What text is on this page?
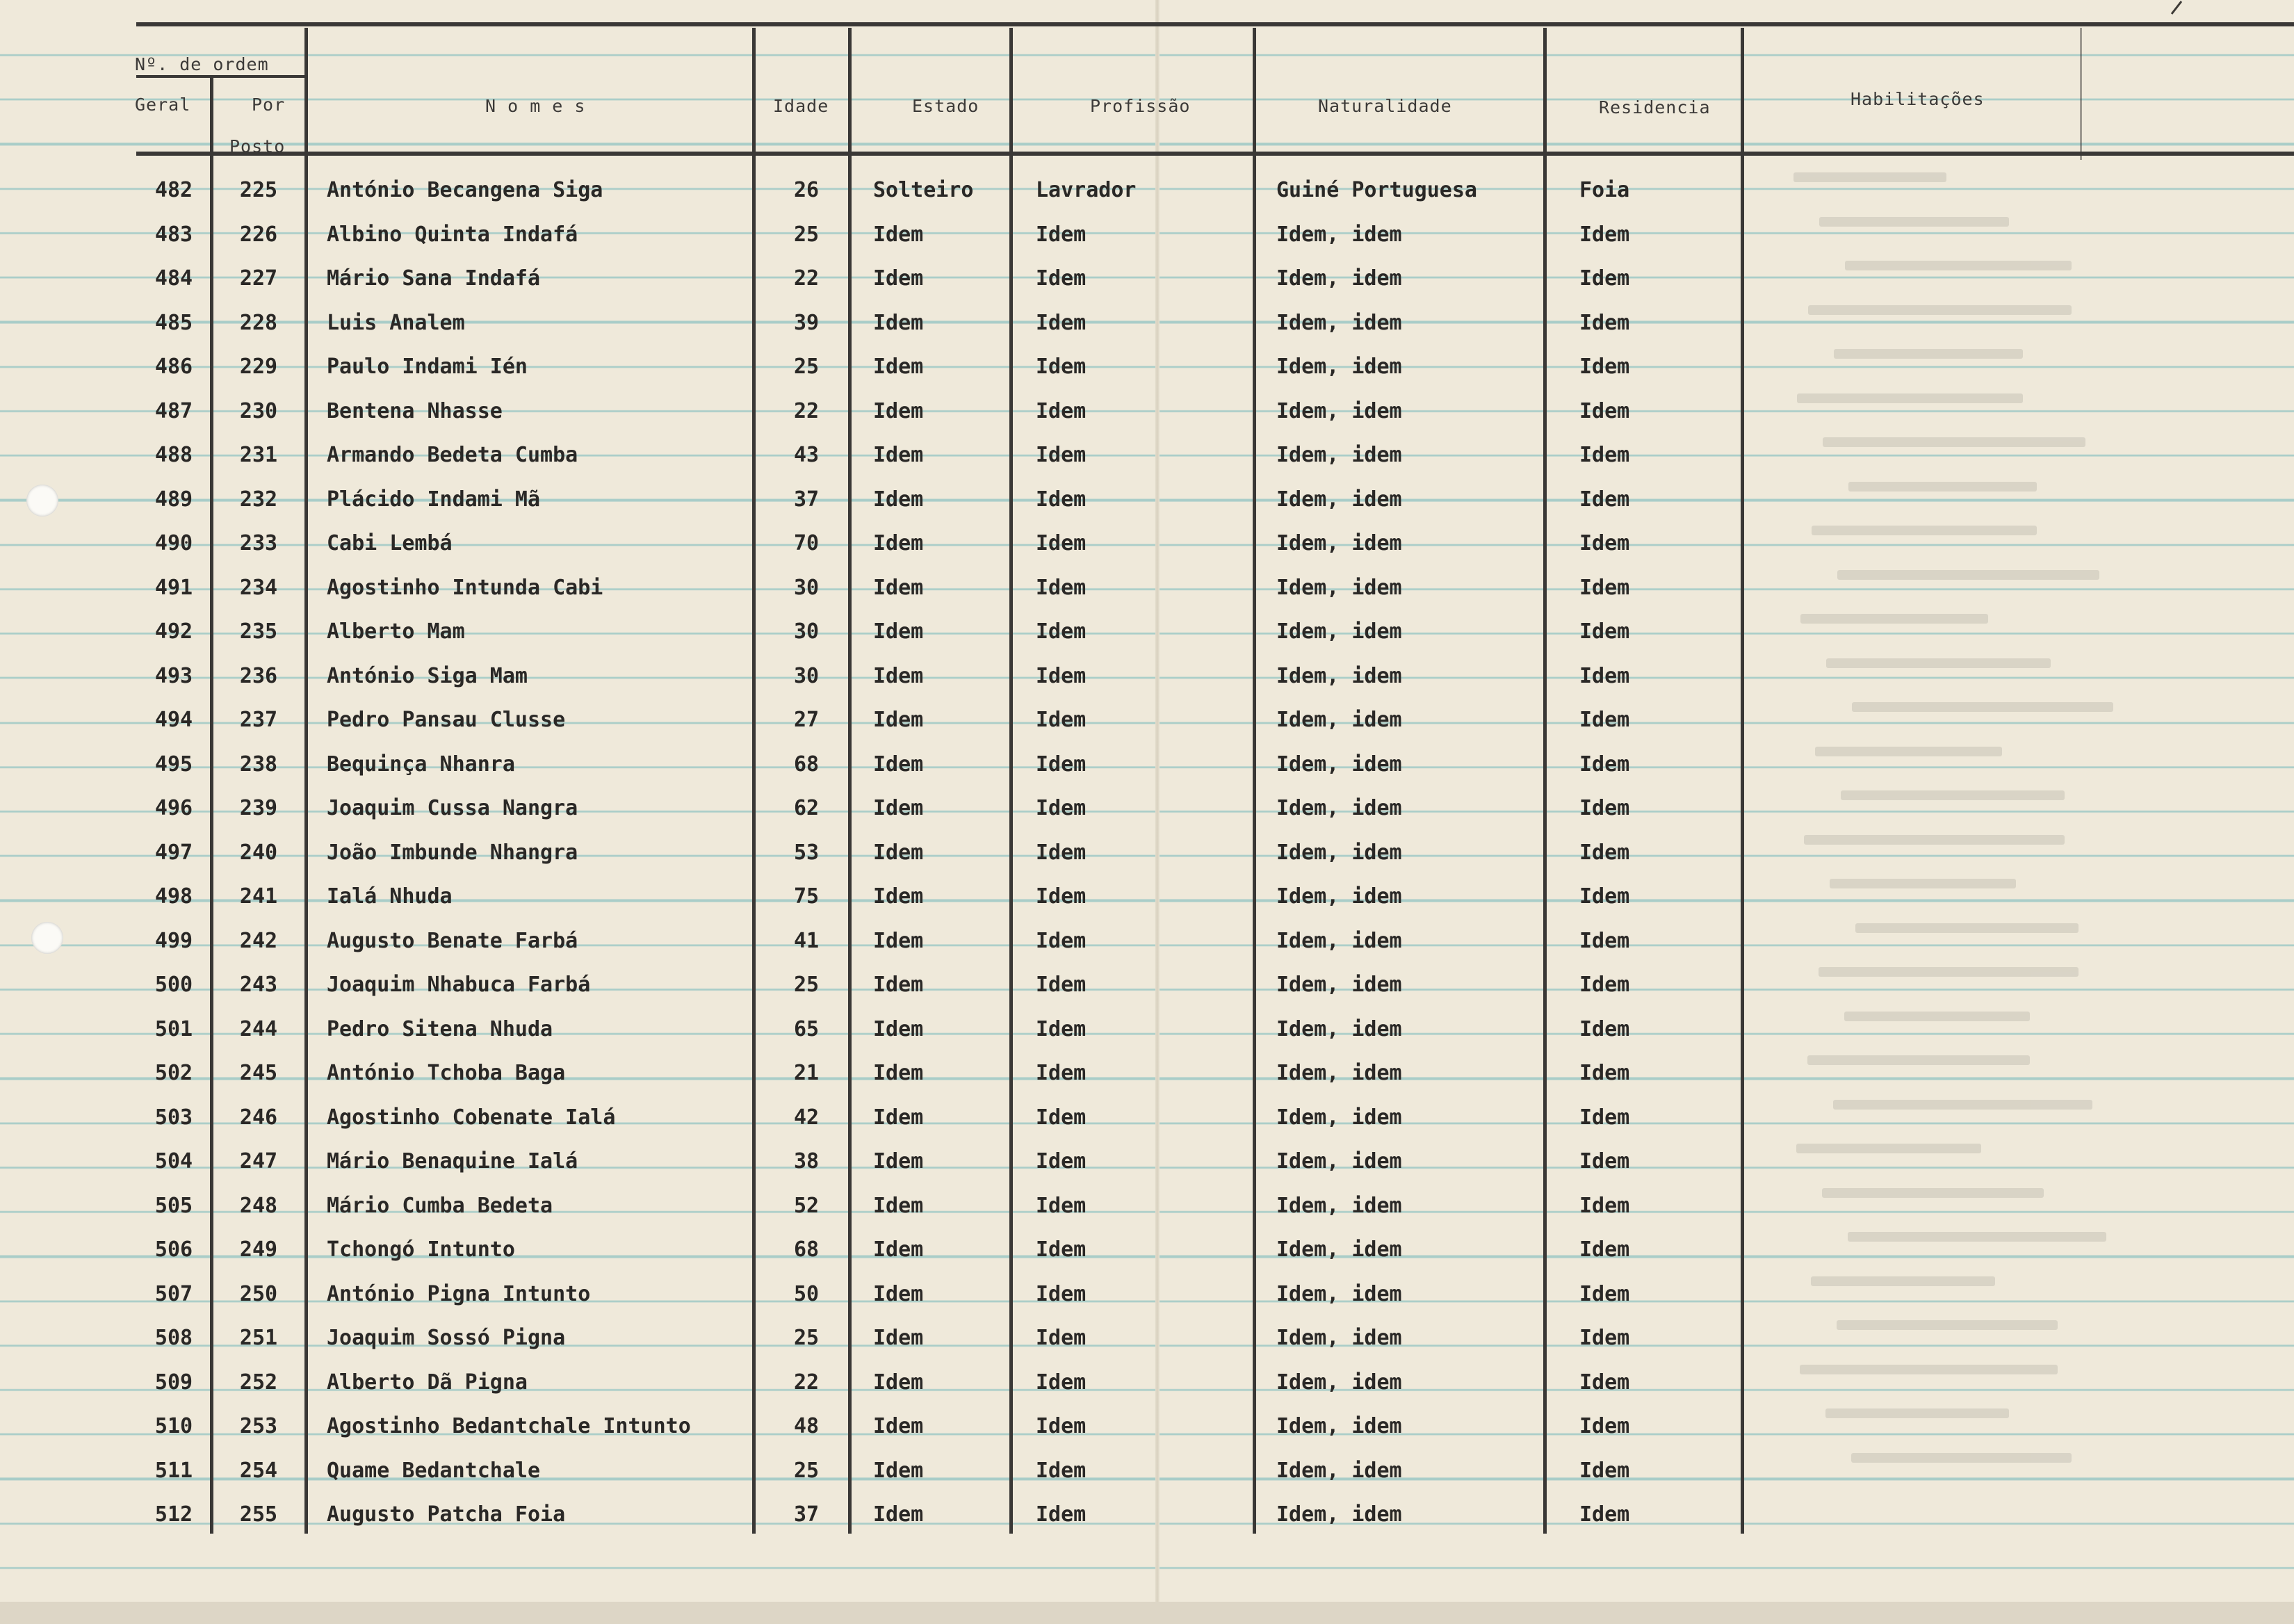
Nº. de ordem
Geral	Por
Posto
N o m e s	Idade	Estado	Profissão	Naturalidade	Residencia	Habilitações
482	225	António Becangena Siga	26	Solteiro	Lavrador	Guiné Portuguesa	Foia
483	226	Albino Quinta Indafá	25	Idem	Idem	Idem, idem	Idem
484	227	Mário Sana Indafá	22	Idem	Idem	Idem, idem	Idem
485	228	Luis Analem	39	Idem	Idem	Idem, idem	Idem
486	229	Paulo Indami Ién	25	Idem	Idem	Idem, idem	Idem
487	230	Bentena Nhasse	22	Idem	Idem	Idem, idem	Idem
488	231	Armando Bedeta Cumba	43	Idem	Idem	Idem, idem	Idem
489	232	Plácido Indami Mã	37	Idem	Idem	Idem, idem	Idem
490	233	Cabi Lembá	70	Idem	Idem	Idem, idem	Idem
491	234	Agostinho Intunda Cabi	30	Idem	Idem	Idem, idem	Idem
492	235	Alberto Mam	30	Idem	Idem	Idem, idem	Idem
493	236	António Siga Mam	30	Idem	Idem	Idem, idem	Idem
494	237	Pedro Pansau Clusse	27	Idem	Idem	Idem, idem	Idem
495	238	Bequinça Nhanra	68	Idem	Idem	Idem, idem	Idem
496	239	Joaquim Cussa Nangra	62	Idem	Idem	Idem, idem	Idem
497	240	João Imbunde Nhangra	53	Idem	Idem	Idem, idem	Idem
498	241	Ialá Nhuda	75	Idem	Idem	Idem, idem	Idem
499	242	Augusto Benate Farbá	41	Idem	Idem	Idem, idem	Idem
500	243	Joaquim Nhabuca Farbá	25	Idem	Idem	Idem, idem	Idem
501	244	Pedro Sitena Nhuda	65	Idem	Idem	Idem, idem	Idem
502	245	António Tchoba Baga	21	Idem	Idem	Idem, idem	Idem
503	246	Agostinho Cobenate Ialá	42	Idem	Idem	Idem, idem	Idem
504	247	Mário Benaquine Ialá	38	Idem	Idem	Idem, idem	Idem
505	248	Mário Cumba Bedeta	52	Idem	Idem	Idem, idem	Idem
506	249	Tchongó Intunto	68	Idem	Idem	Idem, idem	Idem
507	250	António Pigna Intunto	50	Idem	Idem	Idem, idem	Idem
508	251	Joaquim Sossó Pigna	25	Idem	Idem	Idem, idem	Idem
509	252	Alberto Dã Pigna	22	Idem	Idem	Idem, idem	Idem
510	253	Agostinho Bedantchale Intunto	48	Idem	Idem	Idem, idem	Idem
511	254	Quame Bedantchale	25	Idem	Idem	Idem, idem	Idem
512	255	Augusto Patcha Foia	37	Idem	Idem	Idem, idem	Idem
